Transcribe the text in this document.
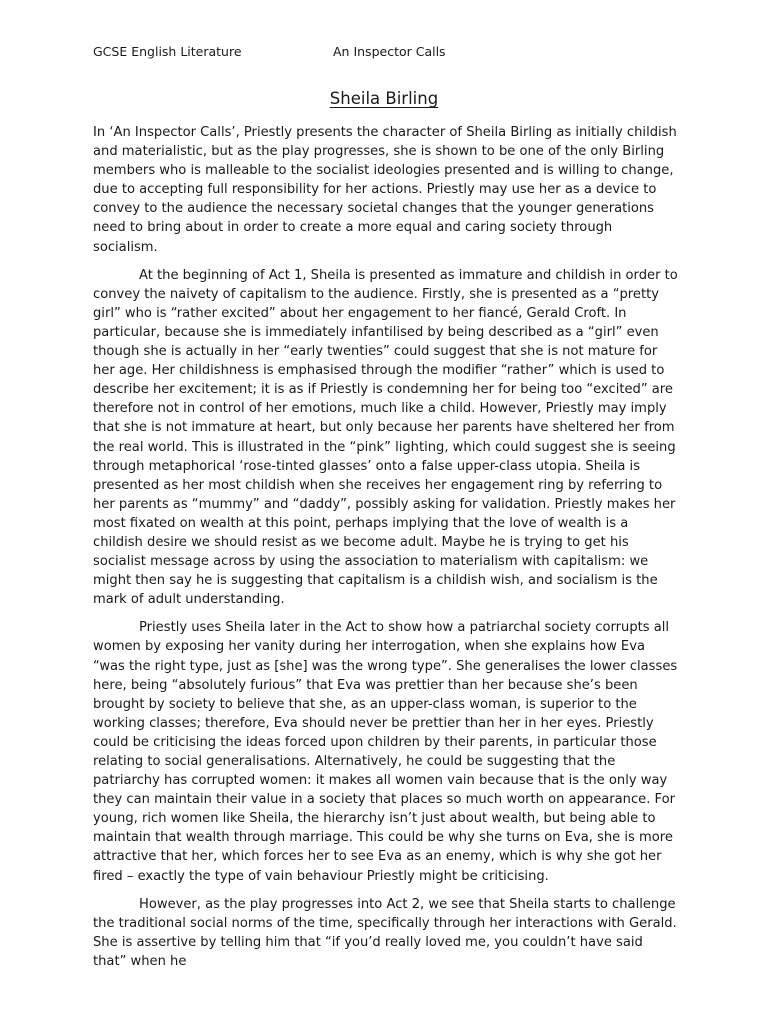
GCSE English Literature	An Inspector Calls
Sheila Birling

In ‘An Inspector Calls’, Priestly presents the character of Sheila Birling as initially childish and materialistic, but as the play progresses, she is shown to be one of the only Birling members who is malleable to the socialist ideologies presented and is willing to change, due to accepting full responsibility for her actions. Priestly may use her as a device to convey to the audience the necessary societal changes that the younger generations need to bring about in order to create a more equal and caring society through socialism.

At the beginning of Act 1, Sheila is presented as immature and childish in order to convey the naivety of capitalism to the audience. Firstly, she is presented as a “pretty girl” who is “rather excited” about her engagement to her fiancé, Gerald Croft. In particular, because she is immediately infantilised by being described as a “girl” even though she is actually in her “early twenties” could suggest that she is not mature for her age. Her childishness is emphasised through the modifier “rather” which is used to describe her excitement; it is as if Priestly is condemning her for being too “excited” are therefore not in control of her emotions, much like a child. However, Priestly may imply that she is not immature at heart, but only because her parents have sheltered her from the real world. This is illustrated in the “pink” lighting, which could suggest she is seeing through metaphorical ‘rose-tinted glasses’ onto a false upper-class utopia. Sheila is presented as her most childish when she receives her engagement ring by referring to her parents as “mummy” and “daddy”, possibly asking for validation. Priestly makes her most fixated on wealth at this point, perhaps implying that the love of wealth is a childish desire we should resist as we become adult. Maybe he is trying to get his socialist message across by using the association to materialism with capitalism: we might then say he is suggesting that capitalism is a childish wish, and socialism is the mark of adult understanding.

Priestly uses Sheila later in the Act to show how a patriarchal society corrupts all women by exposing her vanity during her interrogation, when she explains how Eva “was the right type, just as [she] was the wrong type”. She generalises the lower classes here, being “absolutely furious” that Eva was prettier than her because she’s been brought by society to believe that she, as an upper-class woman, is superior to the working classes; therefore, Eva should never be prettier than her in her eyes. Priestly could be criticising the ideas forced upon children by their parents, in particular those relating to social generalisations. Alternatively, he could be suggesting that the patriarchy has corrupted women: it makes all women vain because that is the only way they can maintain their value in a society that places so much worth on appearance. For young, rich women like Sheila, the hierarchy isn’t just about wealth, but being able to maintain that wealth through marriage. This could be why she turns on Eva, she is more attractive that her, which forces her to see Eva as an enemy, which is why she got her fired – exactly the type of vain behaviour Priestly might be criticising.

However, as the play progresses into Act 2, we see that Sheila starts to challenge the traditional social norms of the time, specifically through her interactions with Gerald. She is assertive by telling him that “if you’d really loved me, you couldn’t have said that” when he
